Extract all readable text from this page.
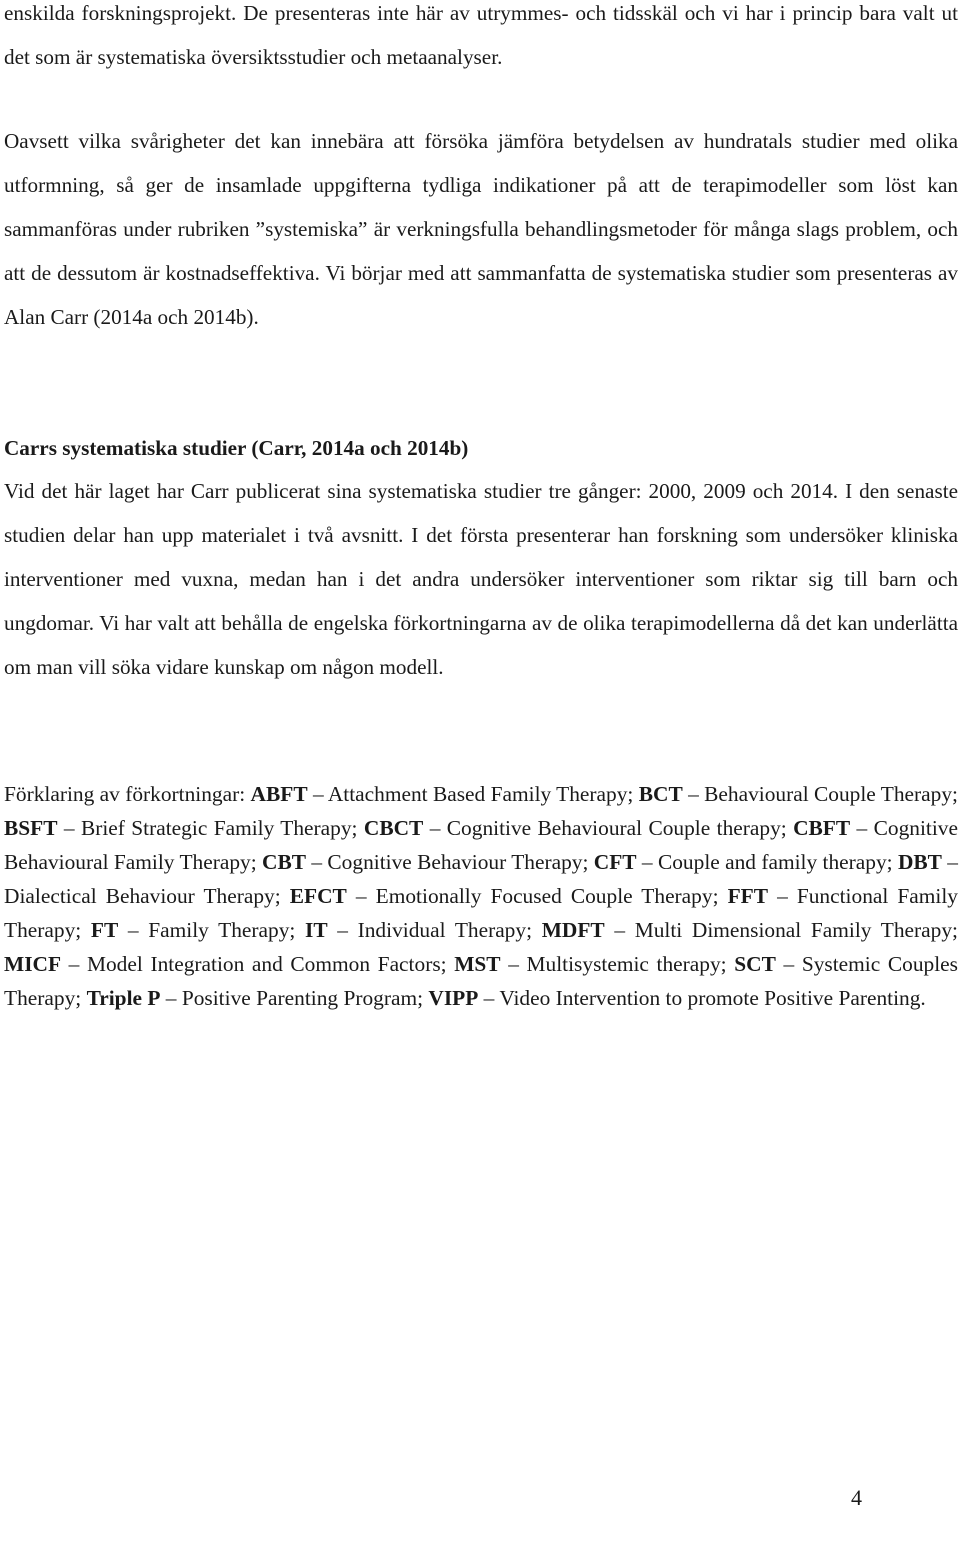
enskilda forskningsprojekt. De presenteras inte här av utrymmes- och tidsskäl och vi har i princip bara valt ut det som är systematiska översiktsstudier och metaanalyser.

Oavsett vilka svårigheter det kan innebära att försöka jämföra betydelsen av hundratals studier med olika utformning, så ger de insamlade uppgifterna tydliga indikationer på att de terapimodeller som löst kan sammanföras under rubriken ”systemiska” är verkningsfulla behandlingsmetoder för många slags problem, och att de dessutom är kostnadseffektiva. Vi börjar med att sammanfatta de systematiska studier som presenteras av Alan Carr (2014a och 2014b).

Carrs systematiska studier (Carr, 2014a och 2014b)

Vid det här laget har Carr publicerat sina systematiska studier tre gånger: 2000, 2009 och 2014. I den senaste studien delar han upp materialet i två avsnitt. I det första presenterar han forskning som undersöker kliniska interventioner med vuxna, medan han i det andra undersöker interventioner som riktar sig till barn och ungdomar. Vi har valt att behålla de engelska förkortningarna av de olika terapimodellerna då det kan underlätta om man vill söka vidare kunskap om någon modell.

Förklaring av förkortningar: ABFT – Attachment Based Family Therapy; BCT – Behavioural Couple Therapy; BSFT – Brief Strategic Family Therapy; CBCT – Cognitive Behavioural Couple therapy; CBFT – Cognitive Behavioural Family Therapy; CBT – Cognitive Behaviour Therapy; CFT – Couple and family therapy; DBT – Dialectical Behaviour Therapy; EFCT – Emotionally Focused Couple Therapy; FFT – Functional Family Therapy; FT – Family Therapy; IT – Individual Therapy; MDFT – Multi Dimensional Family Therapy; MICF – Model Integration and Common Factors; MST – Multisystemic therapy; SCT – Systemic Couples Therapy; Triple P – Positive Parenting Program; VIPP – Video Intervention to promote Positive Parenting.

4
